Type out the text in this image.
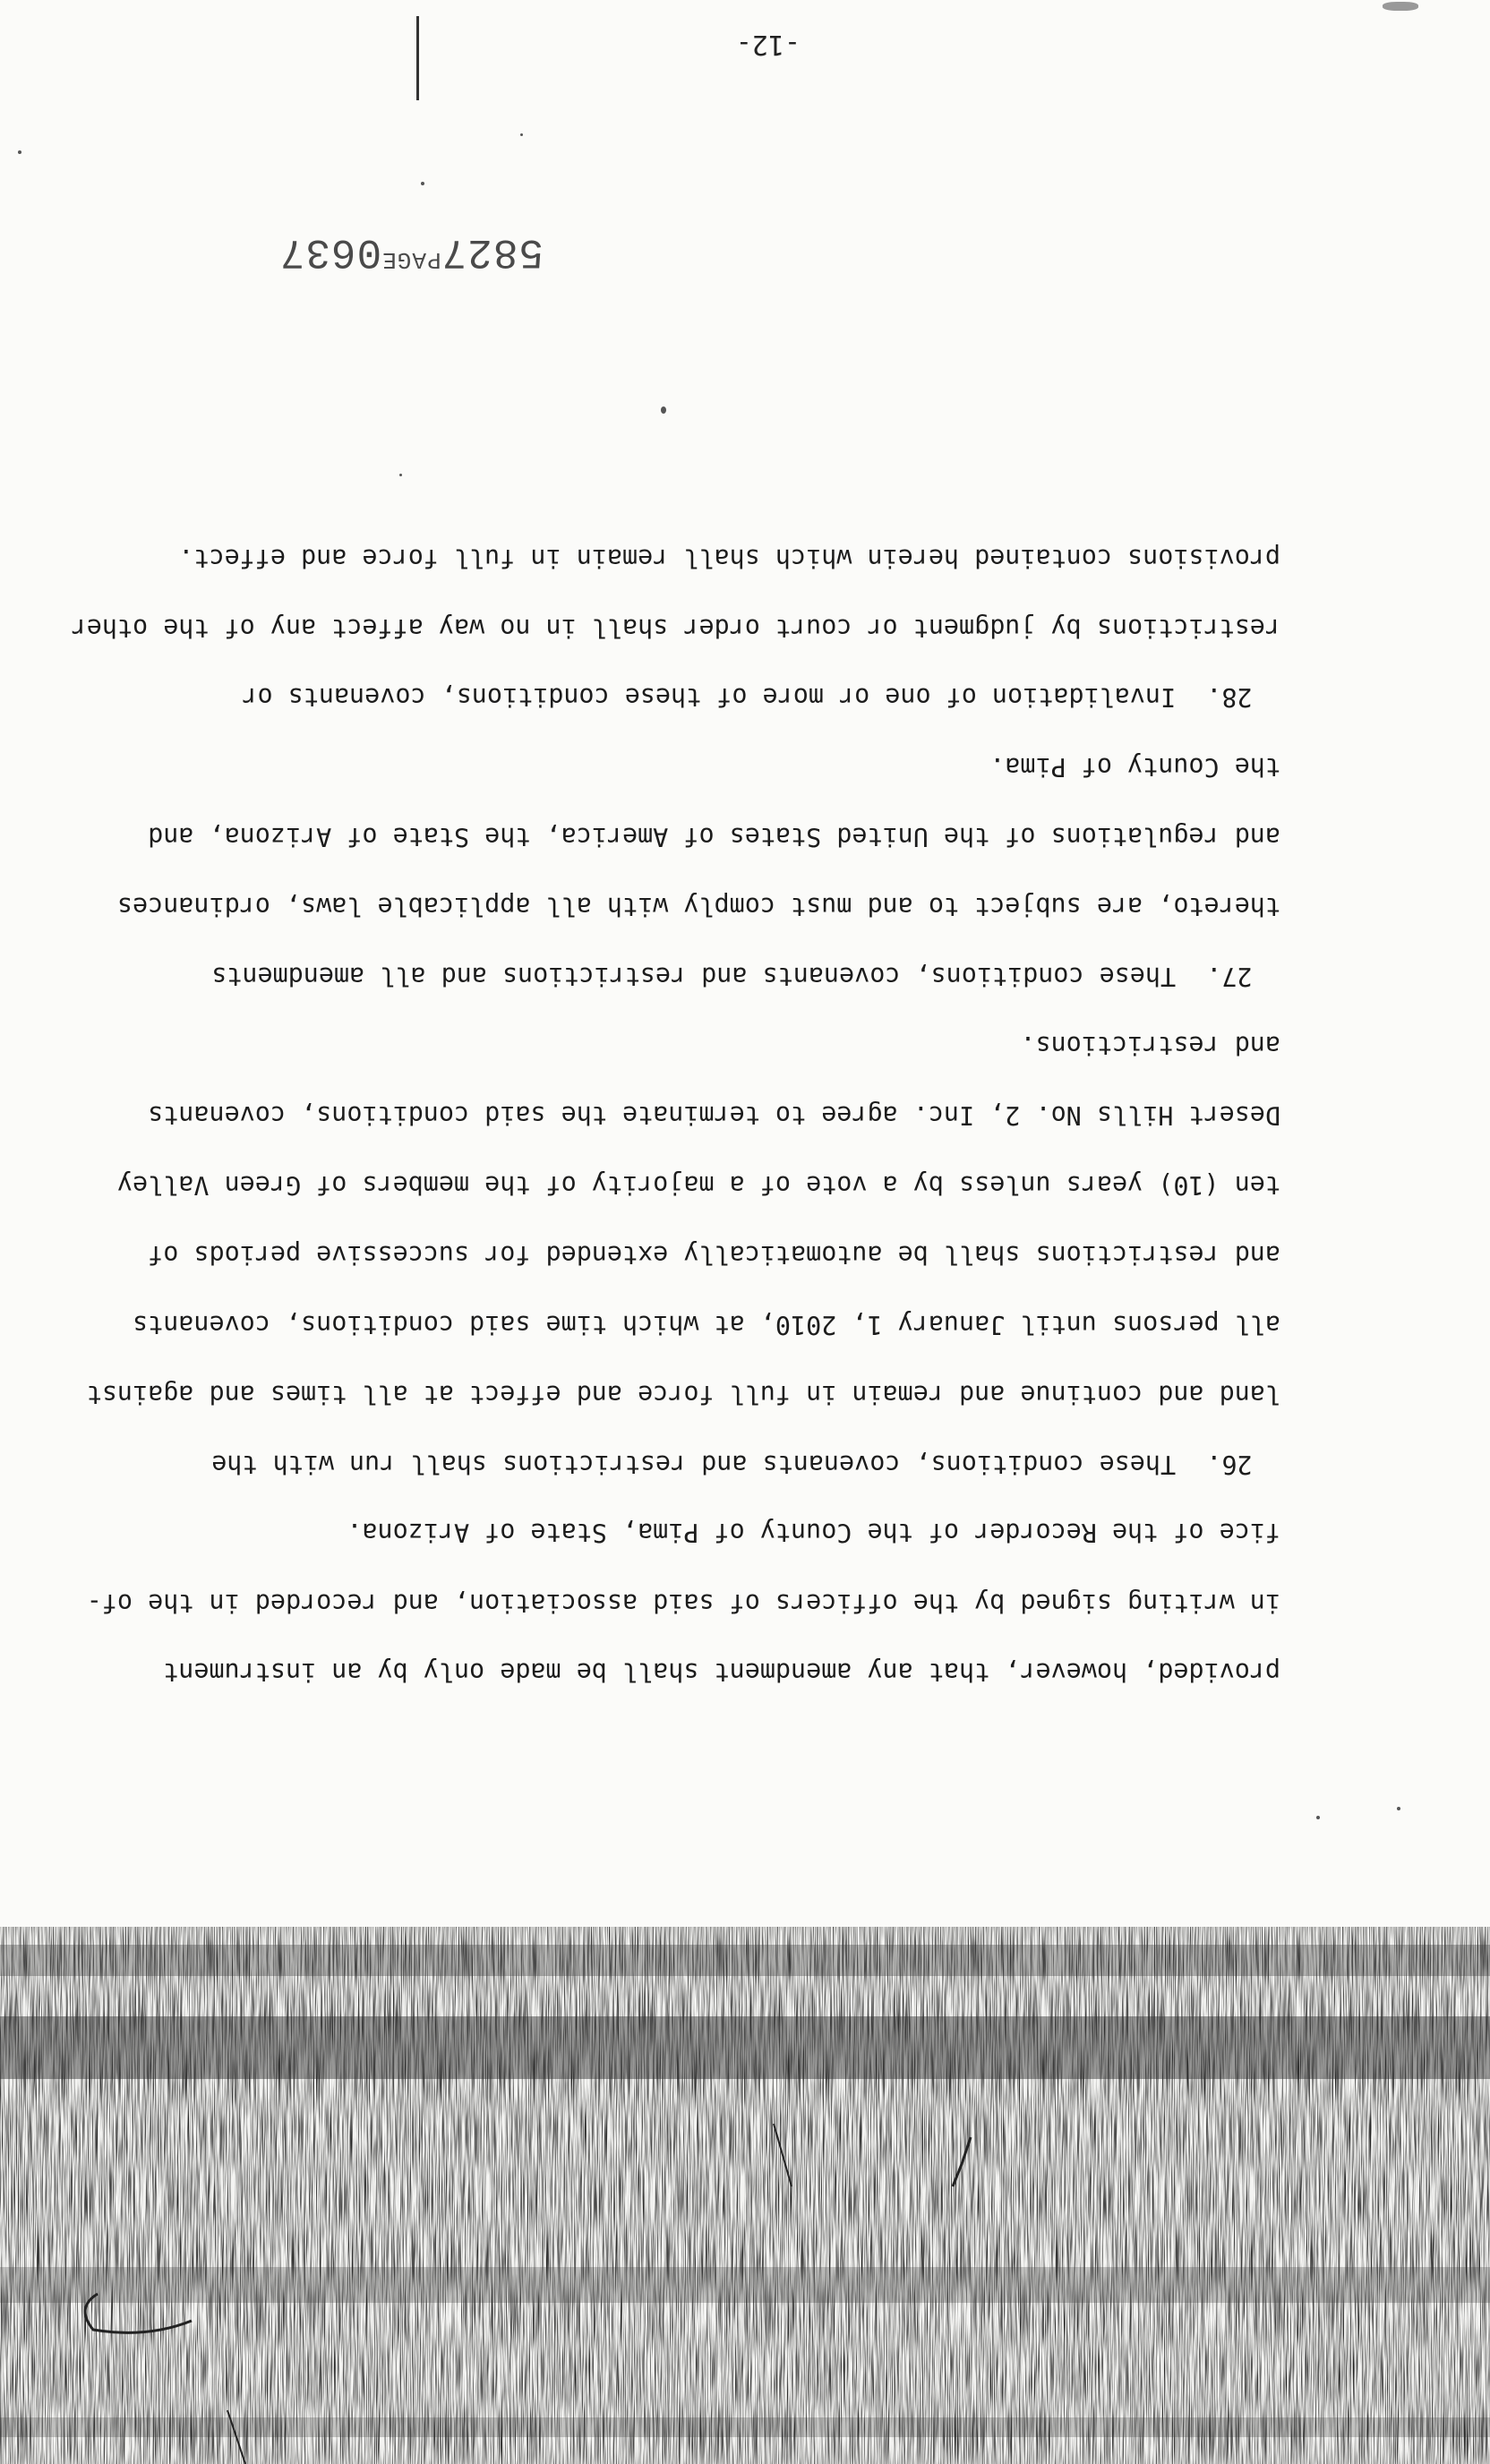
-12-

$5827^{PAGE}0637$

provided, however, that any amendment shall be made only by an instrument

in writing signed by the officers of said association, and recorded in the of-

fice of the Recorder of the County of Pima, State of Arizona.

26.  These conditions, covenants and restrictions shall run with the

land and continue and remain in full force and effect at all times and against

all persons until January 1, 2010, at which time said conditions, covenants

and restrictions shall be automatically extended for successive periods of

ten (10) years unless by a vote of a majority of the members of Green Valley

Desert Hills No. 2, Inc. agree to terminate the said conditions, covenants

and restrictions.

27.  These conditions, covenants and restrictions and all amendments

thereto, are subject to and must comply with all applicable laws, ordinances

and regulations of the United States of America, the State of Arizona, and

the County of Pima.

28.  Invalidation of one or more of these conditions, covenants or

restrictions by judgment or court order shall in no way affect any of the other

provisions contained herein which shall remain in full force and effect.
